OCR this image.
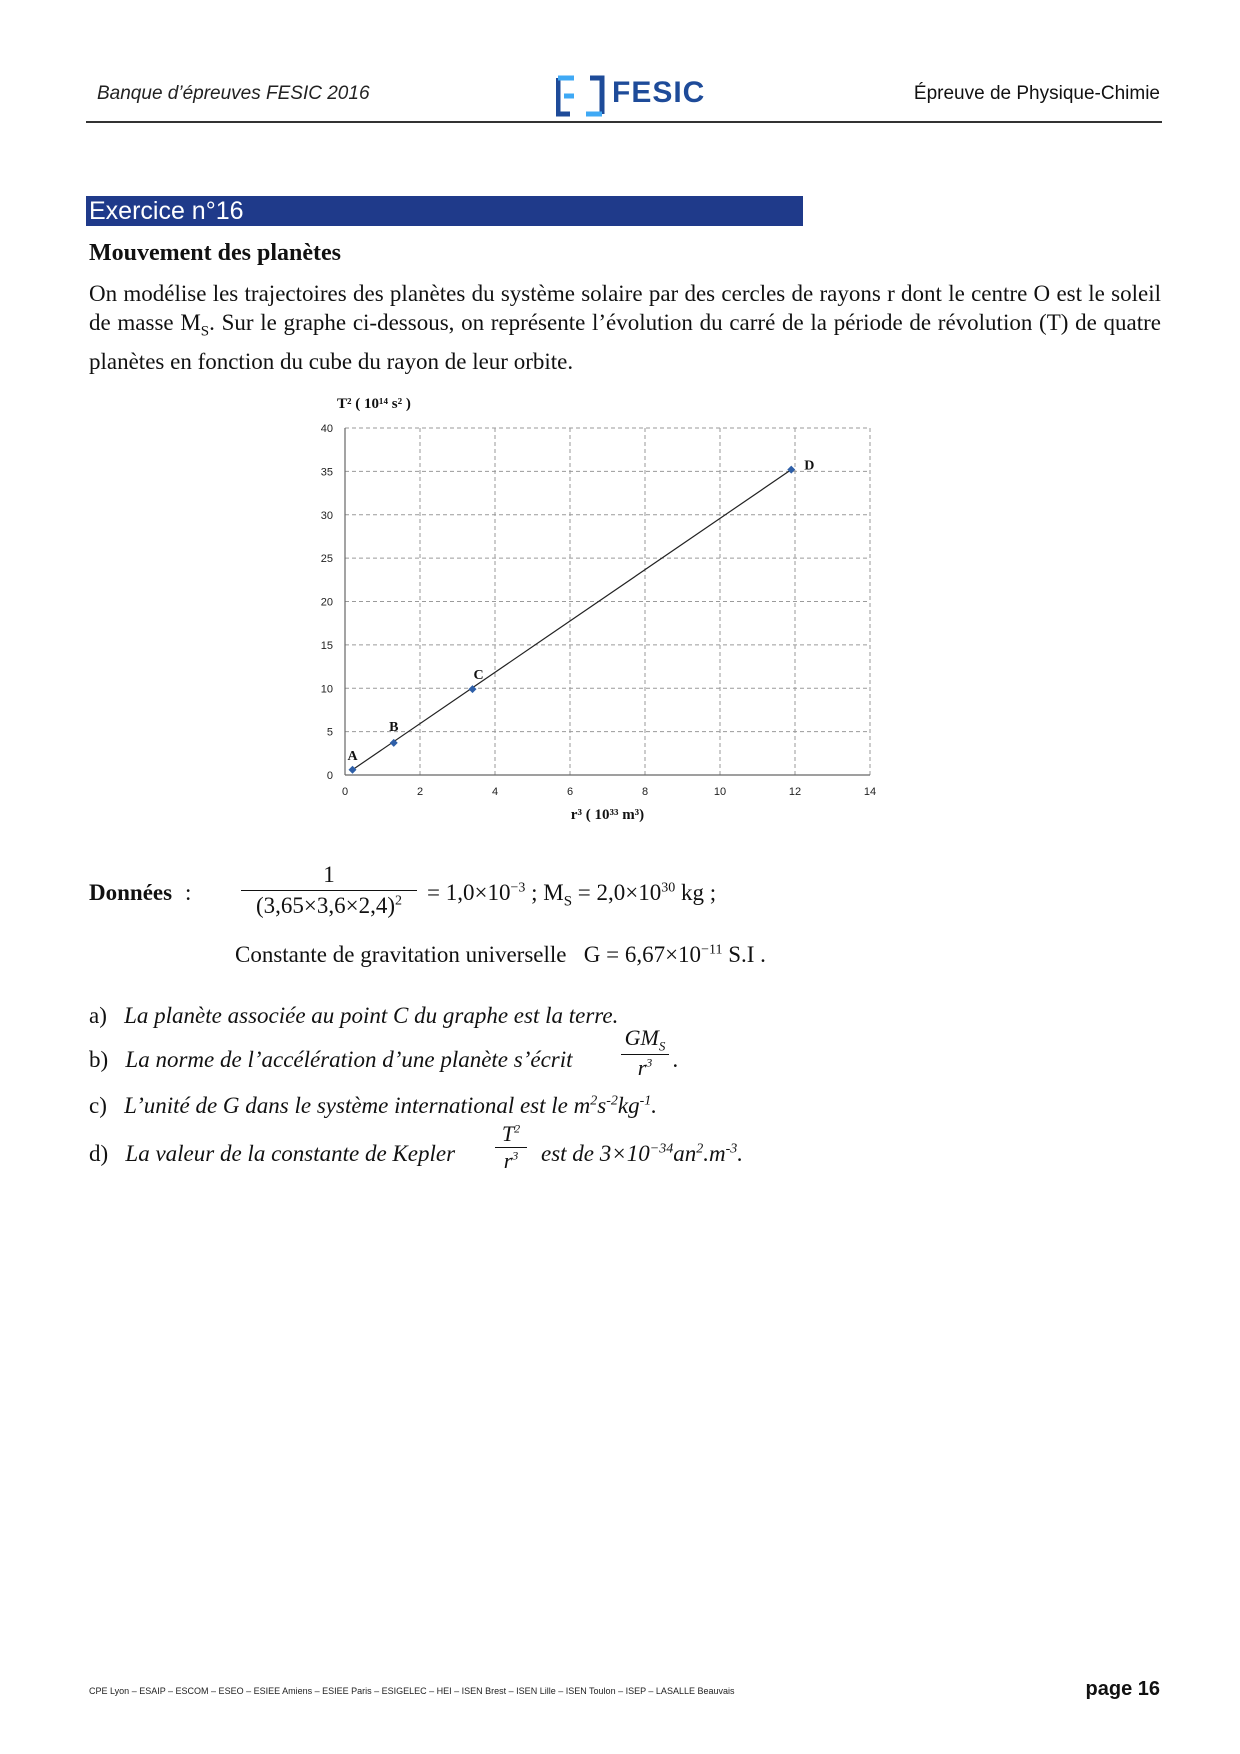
Banque d’épreuves FESIC 2016	FESIC	Épreuve de Physique-Chimie
Exercice n°16
Mouvement des planètes
On modélise les trajectoires des planètes du système solaire par des cercles de rayons r dont le centre O est le soleil de masse $M_S$. Sur le graphe ci-dessous, on représente l’évolution du carré de la période de révolution (T) de quatre planètes en fonction du cube du rayon de leur orbite.
0	2	4	6	8	10	12	14
0
5
10
15
20
25
30
35
40
T² ( 10¹⁴ s² )
r³ ( 10³³ m³)
A
B
C
D
Données : $\frac{1}{(3,65\times 3,6\times 2,4)^2} = 1,0\times 10^{-3}$ ; $M_S = 2,0\times 10^{30}$ kg ;
Constante de gravitation universelle $G = 6,67\times 10^{-11}$ S.I .
a) La planète associée au point C du graphe est la terre.
b) La norme de l’accélération d’une planète s’écrit
$GM_S$
$r^3$ .
c) L’unité de G dans le système international est le $m^2s^{-2}kg^{-1}$.
d) La valeur de la constante de Kepler $\frac{T^2}{r^3}$ est de $3\times 10^{-34}an^2.m^{-3}$.
CPE Lyon – ESAIP – ESCOM – ESEO – ESIEE Amiens – ESIEE Paris – ESIGELEC – HEI – ISEN Brest – ISEN Lille – ISEN Toulon – ISEP – LASALLE Beauvais	page 16
